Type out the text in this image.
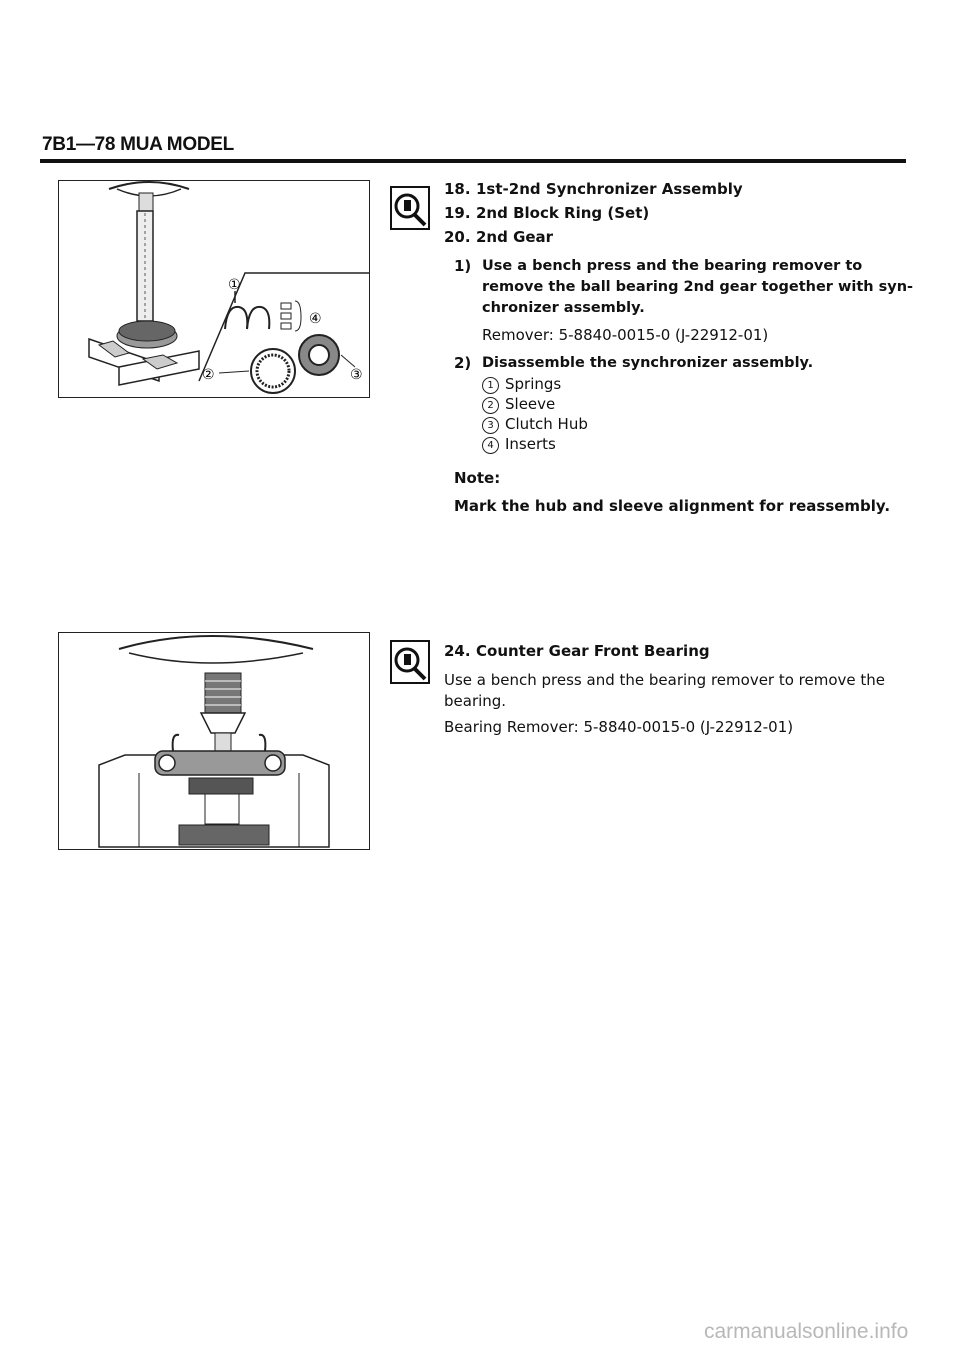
7B1—78 MUA MODEL
①
②	③
④
18. 1st-2nd Synchronizer Assembly
19. 2nd Block Ring (Set)
20. 2nd Gear
1) Use a bench press and the bearing remover to
remove the ball bearing 2nd gear together with syn-
chronizer assembly.
Remover: 5-8840-0015-0 (J-22912-01)
2) Disassemble the synchronizer assembly.
1 Springs
2 Sleeve
3 Clutch Hub
4 Inserts
Note:
Mark the hub and sleeve alignment for reassembly.
24. Counter Gear Front Bearing
Use a bench press and the bearing remover to remove thе
bearing.
Bearing Remover: 5-8840-0015-0 (J-22912-01)
carmanualsonline.info
